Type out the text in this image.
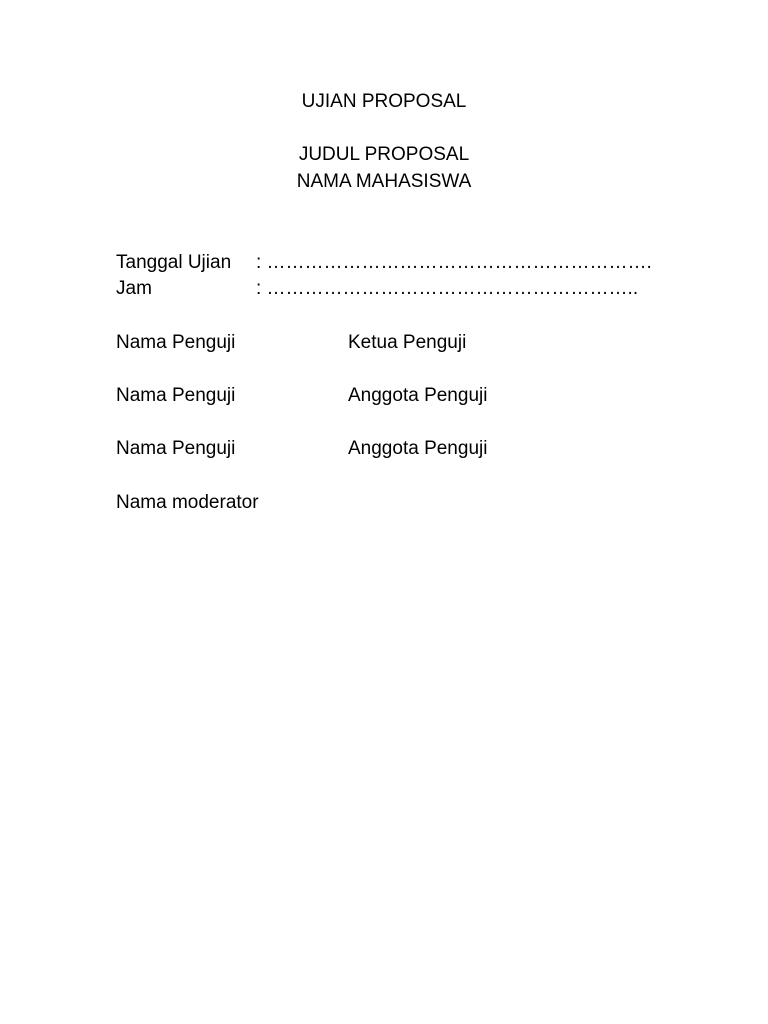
UJIAN PROPOSAL
JUDUL PROPOSAL
NAMA MAHASISWA
Tanggal Ujian : …………………………………………………….
Jam	: …………………………………………………..
Nama Penguji	Ketua Penguji
Nama Penguji	Anggota Penguji
Nama Penguji	Anggota Penguji
Nama moderator
